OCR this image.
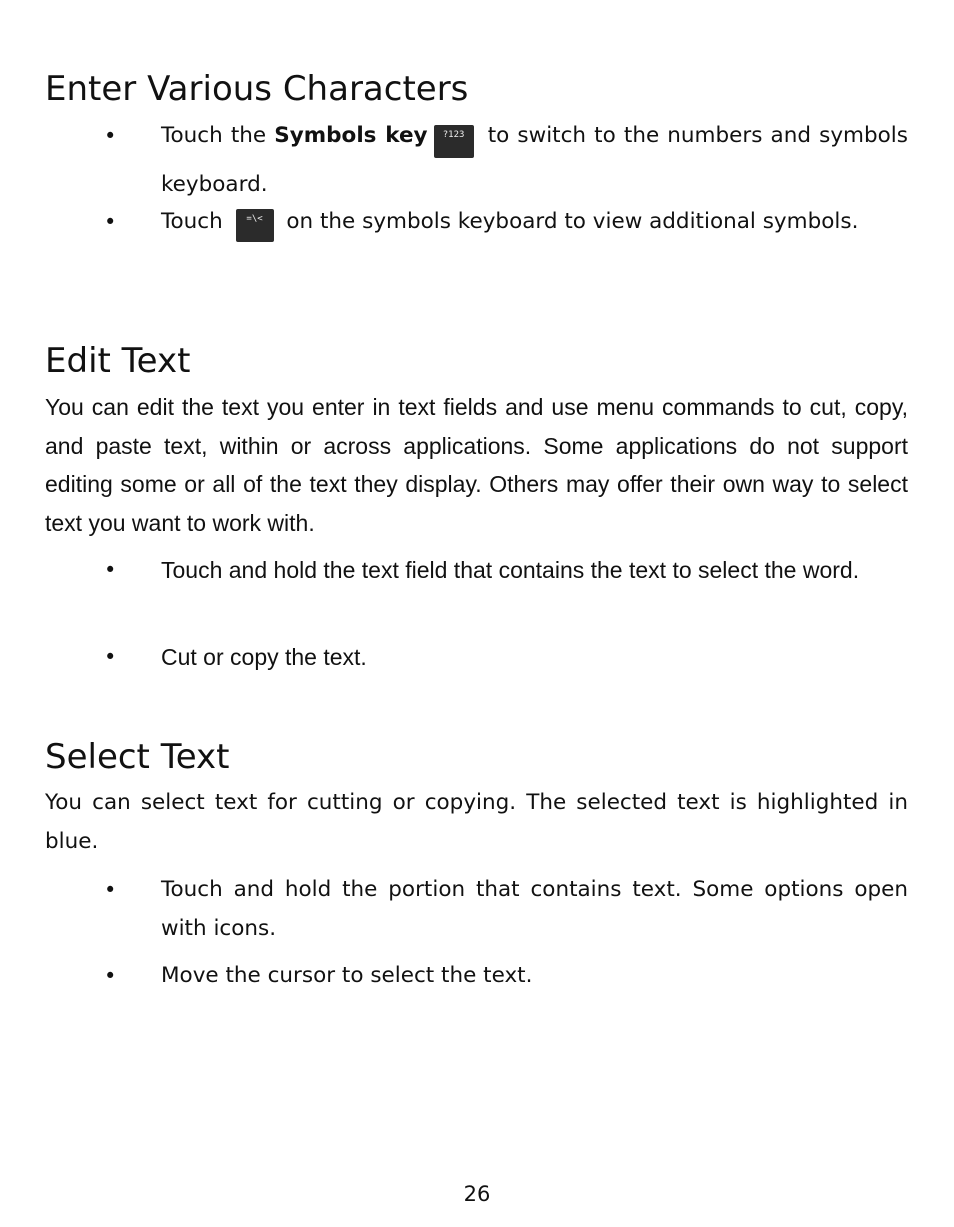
Enter Various Characters
• Touch the Symbols key ?123 to switch to the numbers and symbols keyboard.

• Touch =\< on the symbols keyboard to view additional symbols.

Edit Text

You can edit the text you enter in text fields and use menu commands to cut, copy, and paste text, within or across applications. Some applications do not support editing some or all of the text they display. Others may offer their own way to select text you want to work with.

• Touch and hold the text field that contains the text to select the word.

• Cut or copy the text.

Select Text

You can select text for cutting or copying. The selected text is highlighted in blue.

• Touch and hold the portion that contains text. Some options open with icons.

• Move the cursor to select the text.

26
